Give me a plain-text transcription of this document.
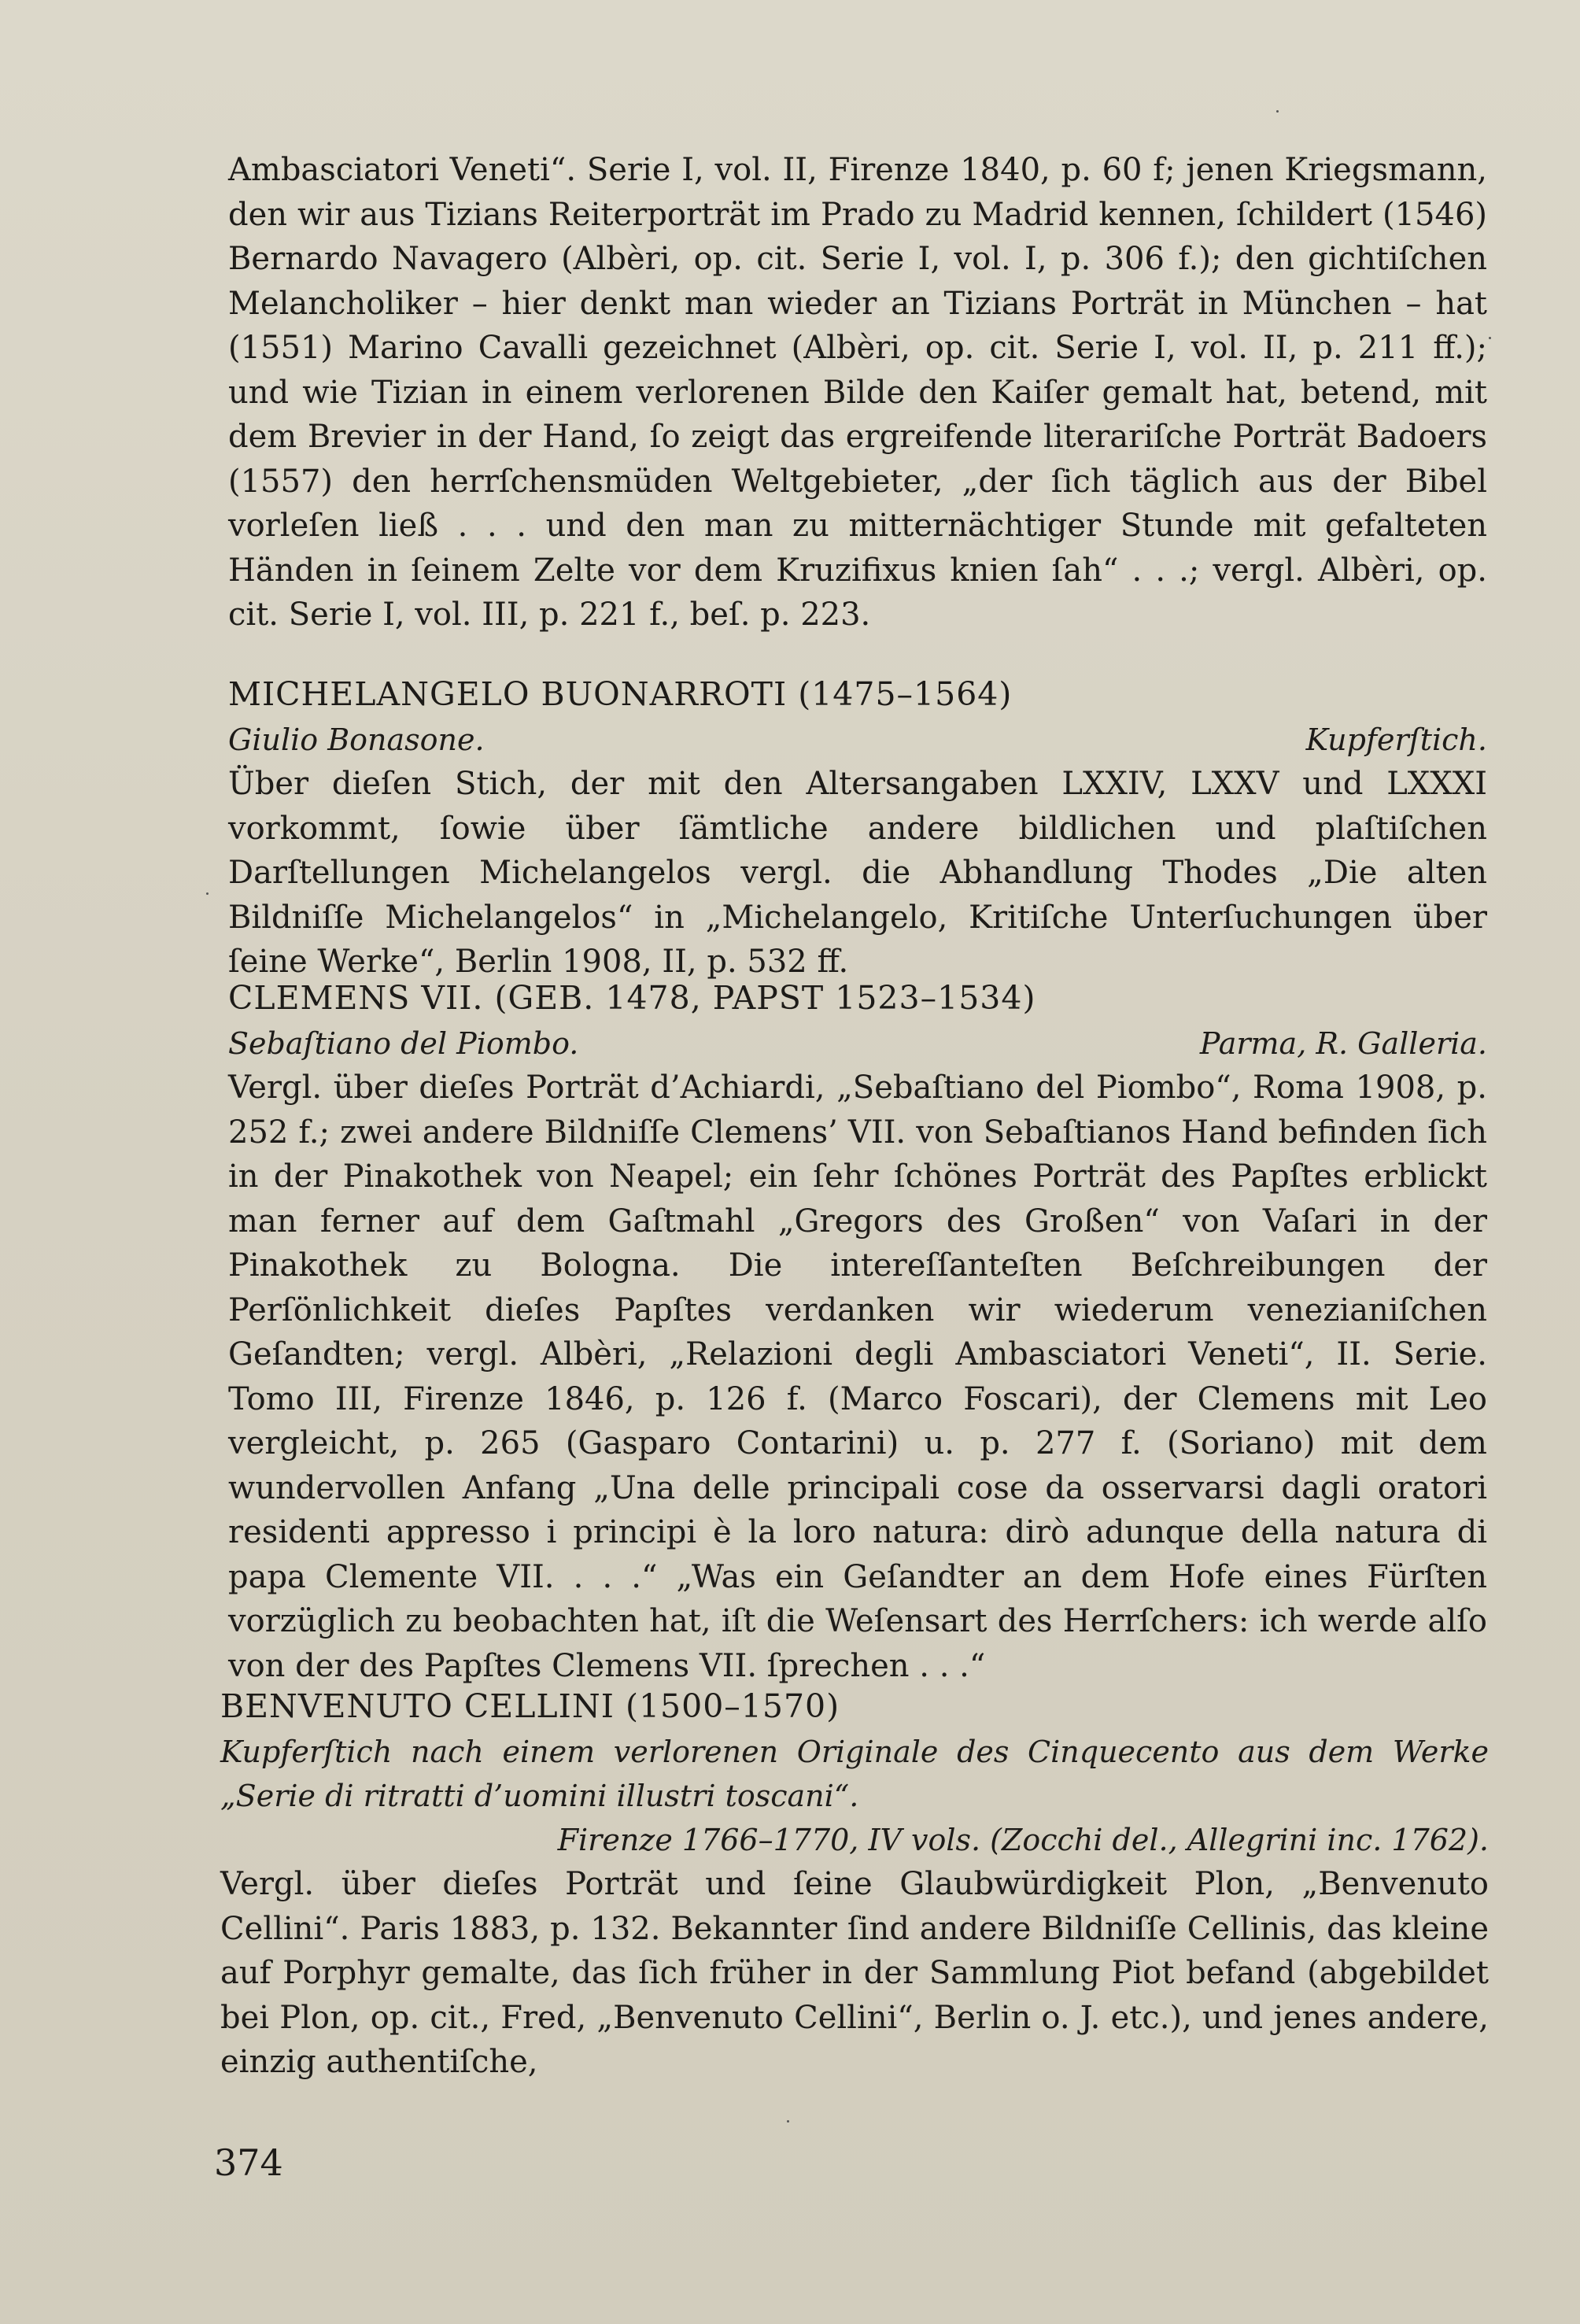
Ambasciatori Veneti“. Serie I, vol. II, Firenze 1840, p. 60 f; jenen Kriegsmann, den wir aus Tizians Reiterporträt im Prado zu Madrid kennen, ſchildert (1546) Bernardo Navagero (Albèri, op. cit. Serie I, vol. I, p. 306 f.); den gichtiſchen Melancholiker – hier denkt man wieder an Tizians Porträt in München – hat (1551) Marino Cavalli gezeichnet (Albèri, op. cit. Serie I, vol. II, p. 211 ff.); und wie Tizian in einem verlorenen Bilde den Kaiſer gemalt hat, betend, mit dem Brevier in der Hand, ſo zeigt das ergreifende literariſche Porträt Badoers (1557) den herrſchensmüden Weltgebieter, „der ſich täglich aus der Bibel vorleſen ließ . . . und den man zu mitternächtiger Stunde mit gefalteten Händen in ſeinem Zelte vor dem Kruzifixus knien ſah“ . . .; vergl. Albèri, op. cit. Serie I, vol. III, p. 221 f., beſ. p. 223.

MICHELANGELO BUONARROTI (1475–1564)
Giulio Bonasone.	Kupferſtich.

Über dieſen Stich, der mit den Altersangaben LXXIV, LXXV und LXXXI vorkommt, ſowie über ſämtliche andere bildlichen und plaſtiſchen Darſtellungen Michelangelos vergl. die Abhandlung Thodes „Die alten Bildniſſe Michelangelos“ in „Michelangelo, Kritiſche Unterſuchungen über ſeine Werke“, Berlin 1908, II, p. 532 ff.

CLEMENS VII. (GEB. 1478, PAPST 1523–1534)
Sebaſtiano del Piombo.	Parma, R. Galleria.

Vergl. über dieſes Porträt d’Achiardi, „Sebaſtiano del Piombo“, Roma 1908, p. 252 f.; zwei andere Bildniſſe Clemens’ VII. von Sebaſtianos Hand befinden ſich in der Pinakothek von Neapel; ein ſehr ſchönes Porträt des Papſtes erblickt man ferner auf dem Gaſtmahl „Gregors des Großen“ von Vaſari in der Pinakothek zu Bologna. Die intereſſanteſten Beſchreibungen der Perſönlichkeit dieſes Papſtes verdanken wir wiederum venezianiſchen Geſandten; vergl. Albèri, „Relazioni degli Ambasciatori Veneti“, II. Serie. Tomo III, Firenze 1846, p. 126 f. (Marco Foscari), der Clemens mit Leo vergleicht, p. 265 (Gasparo Contarini) u. p. 277 f. (Soriano) mit dem wundervollen Anfang „Una delle principali cose da osservarsi dagli oratori residenti appresso i principi è la loro natura: dirò adunque della natura di papa Clemente VII. . . .“ „Was ein Geſandter an dem Hofe eines Fürſten vorzüglich zu beobachten hat, iſt die Weſensart des Herrſchers: ich werde alſo von der des Papſtes Clemens VII. ſprechen . . .“

BENVENUTO CELLINI (1500–1570)

Kupferſtich nach einem verlorenen Originale des Cinquecento aus dem Werke „Serie di ritratti d’uomini illustri toscani“.

Firenze 1766–1770, IV vols. (Zocchi del., Allegrini inc. 1762).

Vergl. über dieſes Porträt und ſeine Glaubwürdigkeit Plon, „Benvenuto Cellini“. Paris 1883, p. 132. Bekannter ſind andere Bildniſſe Cellinis, das kleine auf Porphyr gemalte, das ſich früher in der Sammlung Piot befand (abgebildet bei Plon, op. cit., Fred, „Benvenuto Cellini“, Berlin o. J. etc.), und jenes andere, einzig authentiſche,

374
